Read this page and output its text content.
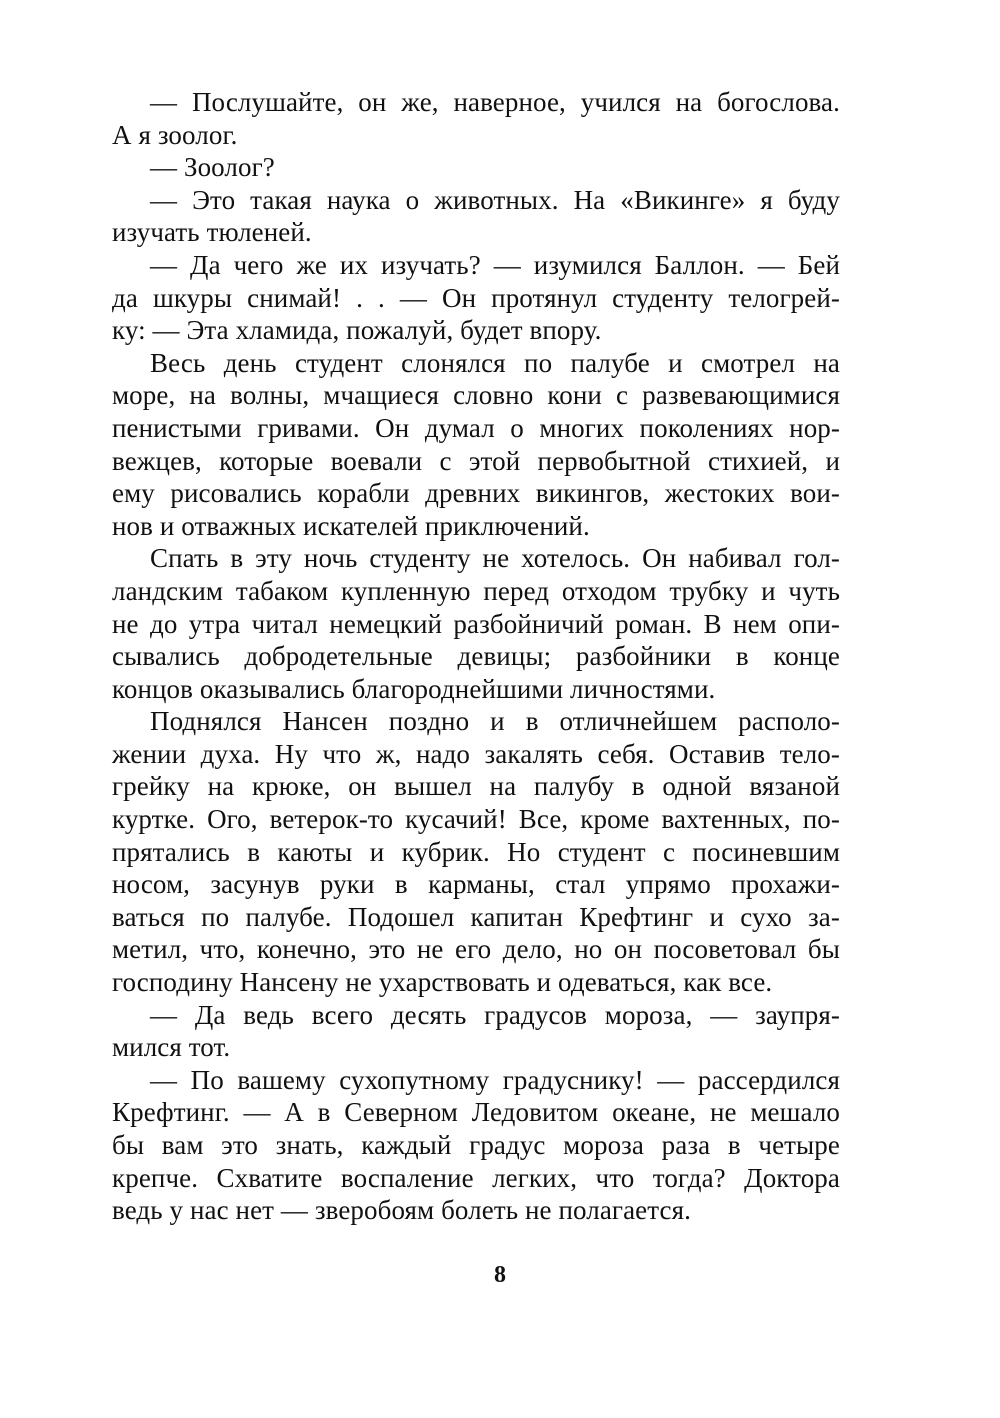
— Послушайте, он же, наверное, учился на богослова.
А я зоолог.
— Зоолог?
— Это такая наука о животных. На «Викинге» я буду
изучать тюленей.
— Да чего же их изучать? — изумился Баллон. — Бей
да шкуры снимай! . . — Он протянул студенту телогрей-
ку: — Эта хламида, пожалуй, будет впору.
Весь день студент слонялся по палубе и смотрел на
море, на волны, мчащиеся словно кони с развевающимися
пенистыми гривами. Он думал о многих поколениях нор-
вежцев, которые воевали с этой первобытной стихией, и
ему рисовались корабли древних викингов, жестоких вои-
нов и отважных искателей приключений.
Спать в эту ночь студенту не хотелось. Он набивал гол-
ландским табаком купленную перед отходом трубку и чуть
не до утра читал немецкий разбойничий роман. В нем опи-
сывались добродетельные девицы; разбойники в конце
концов оказывались благороднейшими личностями.
Поднялся Нансен поздно и в отличнейшем располо-
жении духа. Ну что ж, надо закалять себя. Оставив тело-
грейку на крюке, он вышел на палубу в одной вязаной
куртке. Ого, ветерок-то кусачий! Все, кроме вахтенных, по-
прятались в каюты и кубрик. Но студент с посиневшим
носом, засунув руки в карманы, стал упрямо прохажи-
ваться по палубе. Подошел капитан Крефтинг и сухо за-
метил, что, конечно, это не его дело, но он посоветовал бы
господину Нансену не ухарствовать и одеваться, как все.
— Да ведь всего десять градусов мороза, — заупря-
мился тот.
— По вашему сухопутному градуснику! — рассердился
Крефтинг. — А в Северном Ледовитом океане, не мешало
бы вам это знать, каждый градус мороза раза в четыре
крепче. Схватите воспаление легких, что тогда? Доктора
ведь у нас нет — зверобоям болеть не полагается.
8
